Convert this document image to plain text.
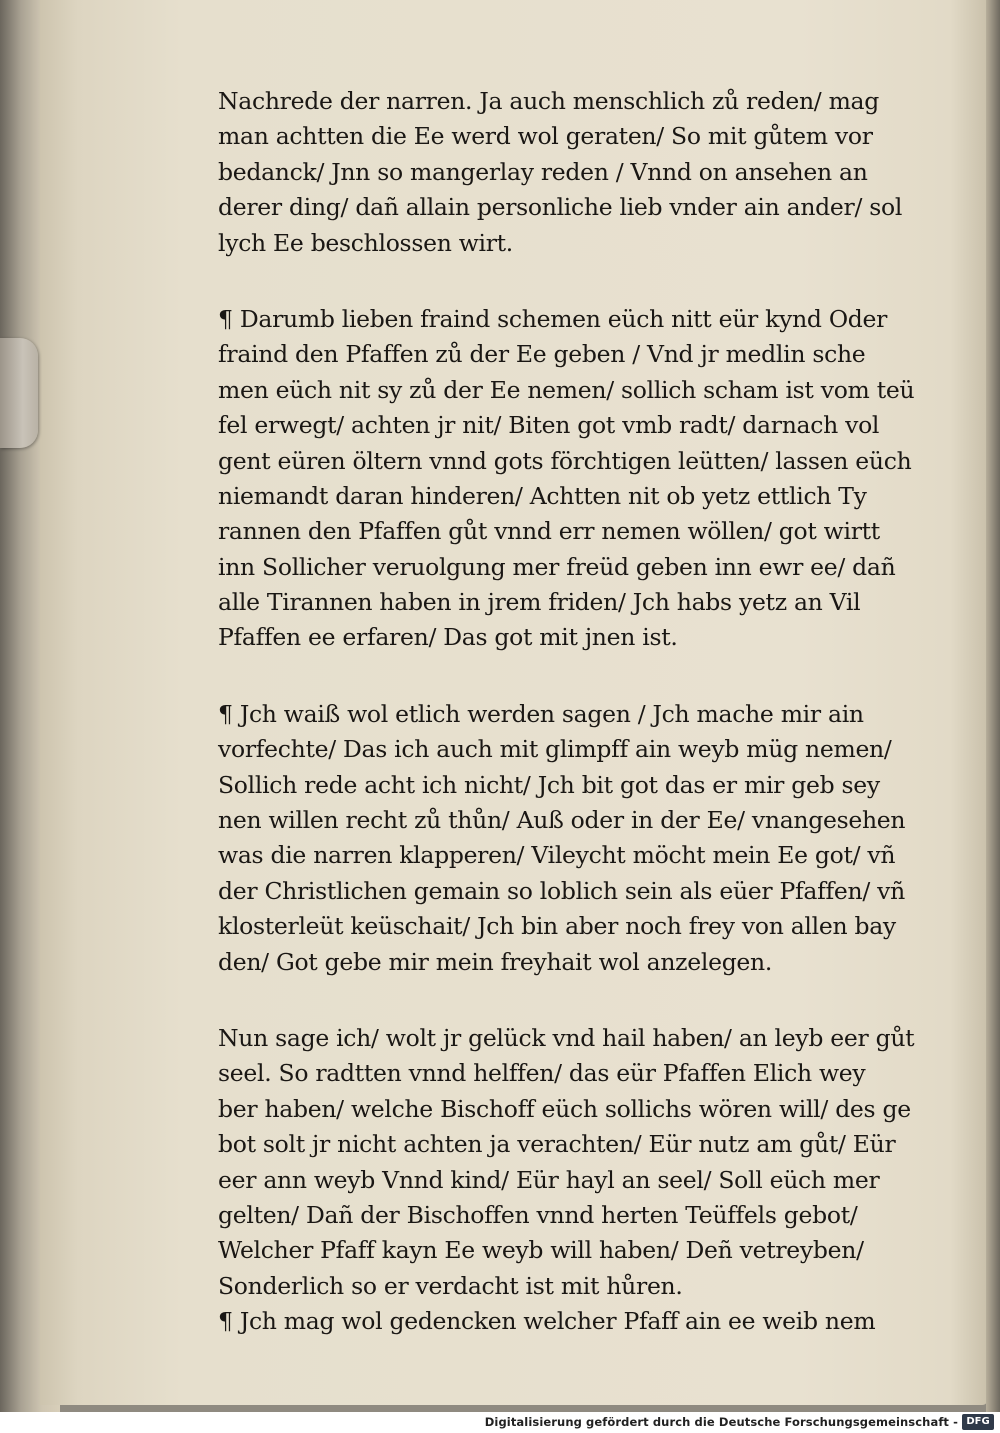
Nachrede der narren. Ja auch menschlich zů reden/ mag
man achtten die Ee werd wol geraten/ So mit gůtem vor
bedanck/ Jnn so mangerlay reden / Vnnd on ansehen an
derer ding/ dañ allain personliche lieb vnder ain ander/ sol
lych Ee beschlossen wirt.
¶ Darumb lieben fraind schemen eüch nitt eür kynd Oder
fraind den Pfaffen zů der Ee geben / Vnd jr medlin sche
men eüch nit sy zů der Ee nemen/ sollich scham ist vom teü
fel erwegt/ achten jr nit/ Biten got vmb radt/ darnach vol
gent eüren öltern vnnd gots förchtigen leütten/ lassen eüch
niemandt daran hinderen/ Achtten nit ob yetz ettlich Ty
rannen den Pfaffen gůt vnnd err nemen wöllen/ got wirtt
inn Sollicher veruolgung mer freüd geben inn ewr ee/ dañ
alle Tirannen haben in jrem friden/ Jch habs yetz an Vil
Pfaffen ee erfaren/ Das got mit jnen ist.
¶ Jch waiß wol etlich werden sagen / Jch mache mir ain
vorfechte/ Das ich auch mit glimpff ain weyb müg nemen/
Sollich rede acht ich nicht/ Jch bit got das er mir geb sey
nen willen recht zů thůn/ Auß oder in der Ee/ vnangesehen
was die narren klapperen/ Vileycht möcht mein Ee got/ vñ
der Christlichen gemain so loblich sein als eüer Pfaffen/ vñ
klosterleüt keüschait/ Jch bin aber noch frey von allen bay
den/ Got gebe mir mein freyhait wol anzelegen.
Nun sage ich/ wolt jr gelück vnd hail haben/ an leyb eer gůt
seel. So radtten vnnd helffen/ das eür Pfaffen Elich wey
ber haben/ welche Bischoff eüch sollichs wören will/ des ge
bot solt jr nicht achten ja verachten/ Eür nutz am gůt/ Eür
eer ann weyb Vnnd kind/ Eür hayl an seel/ Soll eüch mer
gelten/ Dañ der Bischoffen vnnd herten Teüffels gebot/
Welcher Pfaff kayn Ee weyb will haben/ Deñ vetreyben/
Sonderlich so er verdacht ist mit hůren.
¶ Jch mag wol gedencken welcher Pfaff ain ee weib nem
Digitalisierung gefördert durch die Deutsche Forschungsgemeinschaft - DFG
